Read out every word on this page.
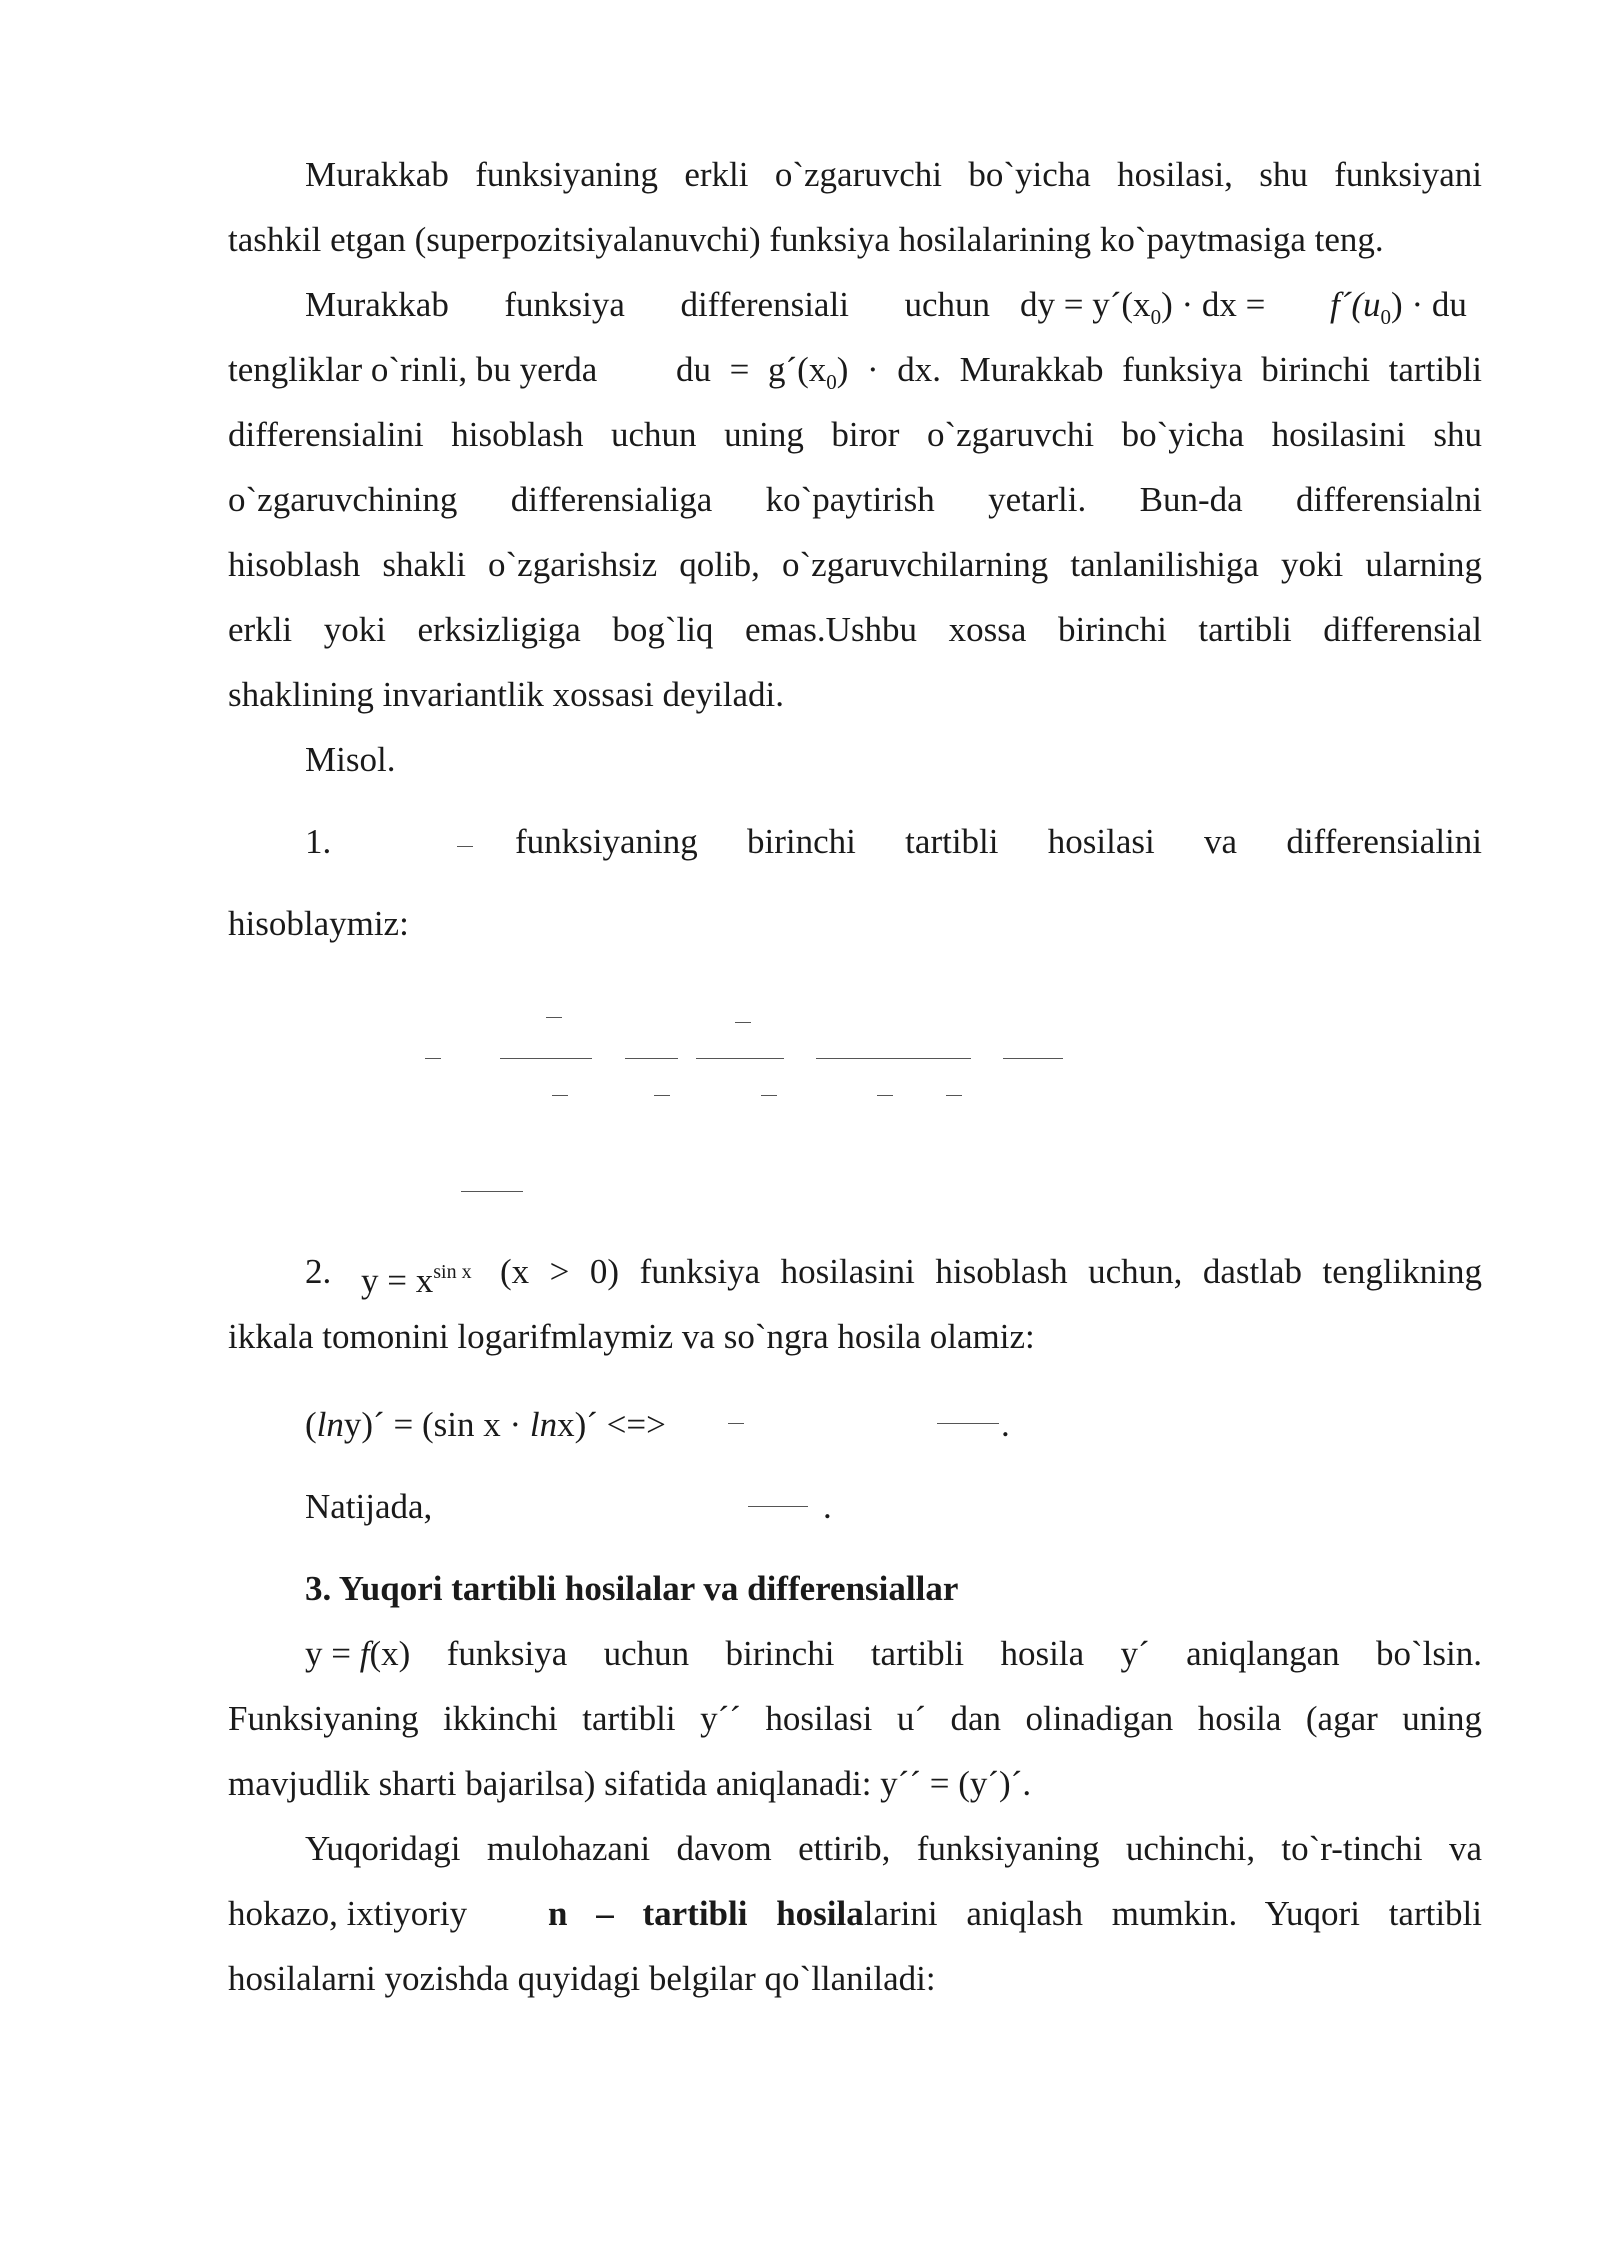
Murakkab funksiyaning erkli o`zgaruvchi bo`yicha hosilasi, shu funksiyani
tashkil etgan (superpozitsiyalanuvchi) funksiya hosilalarining ko`paytmasiga teng.
Murakkab funksiya differensiali uchun dy = $y´(x_0)$ · dx = $f´(u_0)$ · du
tengliklar o`rinli, bu yerda du = $g´(x_0)$ · dx. Murakkab funksiya birinchi tartibli
differensialini hisoblash uchun uning biror o`zgaruvchi bo`yicha hosilasini shu
o`zgaruvchining differensialiga ko`paytirish yetarli. Bun-da differensialni
hisoblash shakli o`zgarishsiz qolib, o`zgaruvchilarning tanlanilishiga yoki ularning
erkli yoki erksizligiga bog`liq emas.Ushbu xossa birinchi tartibli differensial
shaklining invariantlik xossasi deyiladi.
Misol.
1.	funksiyaning birinchi tartibli hosilasi va differensialini
hisoblaymiz:
2. $y = x^{sin x}$ (x > 0) funksiya hosilasini hisoblash uchun, dastlab tenglikning
ikkala tomonini logarifmlaymiz va so`ngra hosila olamiz:
(lny)´ = (sin x · lnx)´ <=>	.
Natijada,	.
3. Yuqori tartibli hosilalar va differensiallar
y = f (x) funksiya uchun birinchi tartibli hosila y´ aniqlangan bo`lsin.
Funksiyaning ikkinchi tartibli y´´ hosilasi u´ dan olinadigan hosila (agar uning
mavjudlik sharti bajarilsa) sifatida aniqlanadi: y´´ = (y´)´.
Yuqoridagi mulohazani davom ettirib, funksiyaning uchinchi, to`r-tinchi va
hokazo, ixtiyoriy n – tartibli hosilalarini aniqlash mumkin. Yuqori tartibli
hosilalarni yozishda quyidagi belgilar qo`llaniladi:
